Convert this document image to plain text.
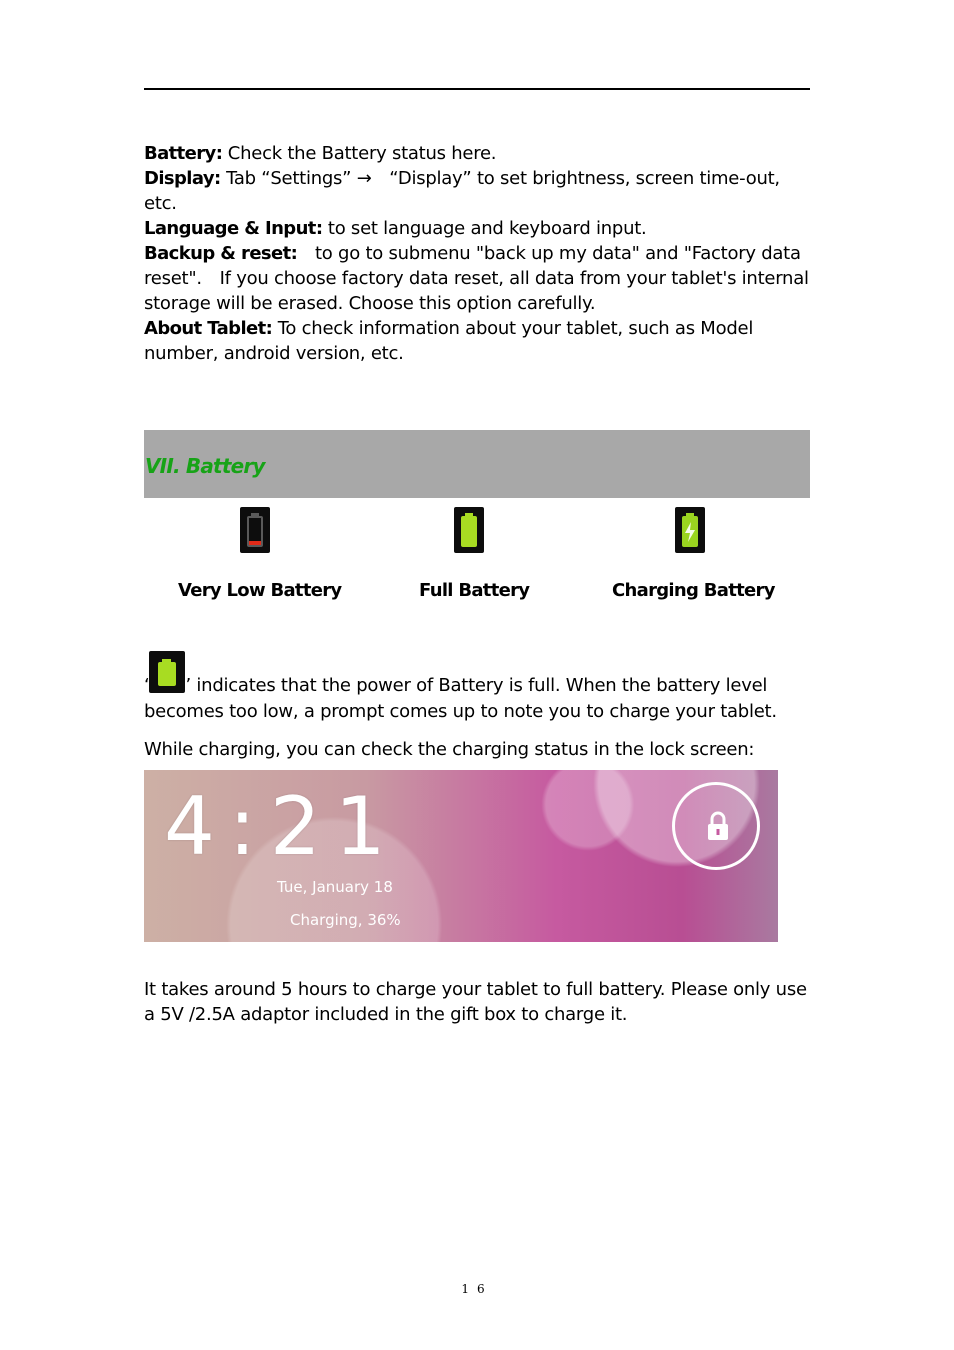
Battery: Check the Battery status here.
Display: Tab “Settings” →　“Display” to set brightness, screen time-out, etc.
Language & Input: to set language and keyboard input.
Backup & reset:　to go to submenu "back up my data" and "Factory data reset".　If you choose factory data reset, all data from your tablet's internal storage will be erased. Choose this option carefully.
About Tablet: To check information about your tablet, such as Model number, android version, etc.
VII. Battery
Very Low Battery	Full Battery	Charging Battery
‘ ’ indicates that the power of Battery is full. When the battery level becomes too low, a prompt comes up to note you to charge your tablet.
While charging, you can check the charging status in the lock screen:
4:21
Tue, January 18
Charging, 36%
It takes around 5 hours to charge your tablet to full battery. Please only use a 5V /2.5A adaptor included in the gift box to charge it.
16
